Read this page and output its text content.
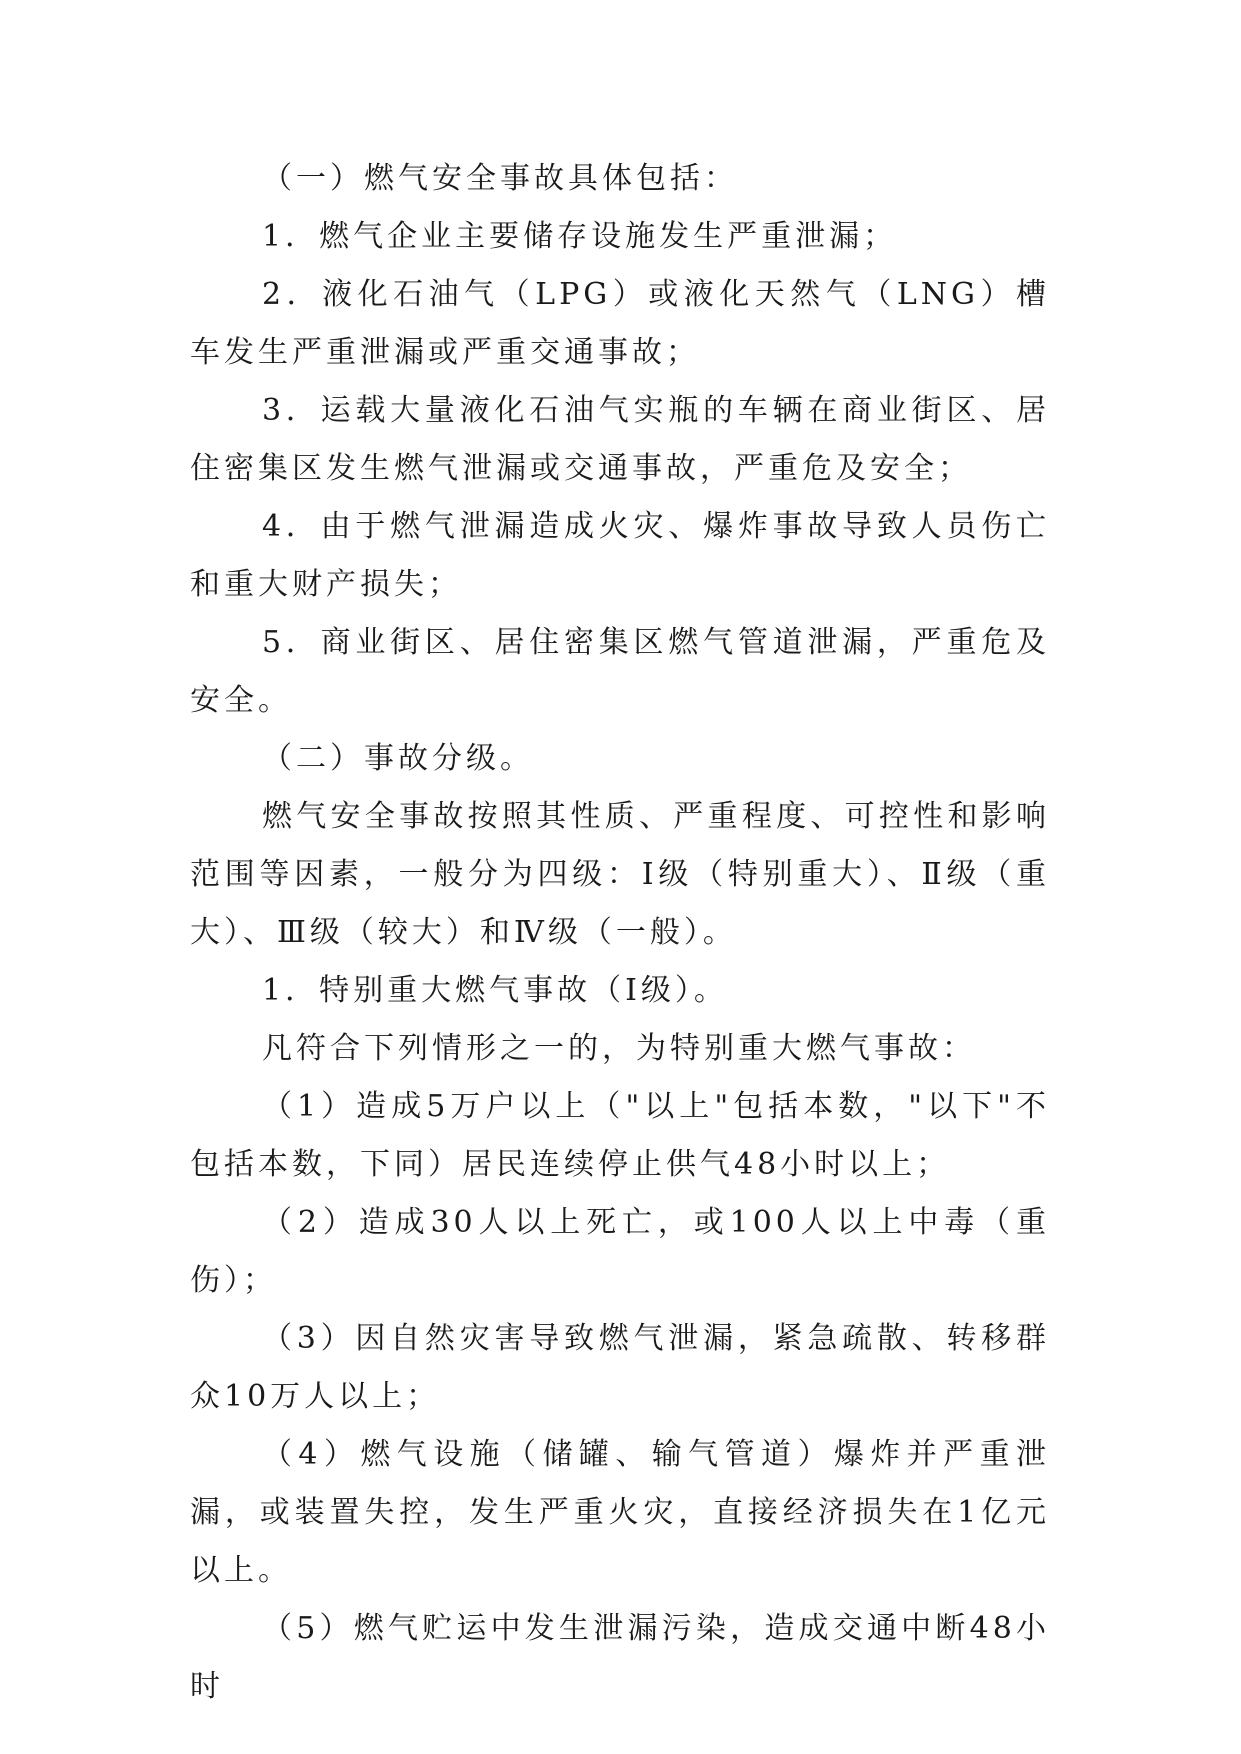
（一）燃气安全事故具体包括：

1．燃气企业主要储存设施发生严重泄漏；

2．液化石油气（LPG）或液化天然气（LNG）槽车发生严重泄漏或严重交通事故；

3．运载大量液化石油气实瓶的车辆在商业街区、居住密集区发生燃气泄漏或交通事故，严重危及安全；

4．由于燃气泄漏造成火灾、爆炸事故导致人员伤亡和重大财产损失；

5．商业街区、居住密集区燃气管道泄漏，严重危及安全。

（二）事故分级。

燃气安全事故按照其性质、严重程度、可控性和影响范围等因素，一般分为四级：Ⅰ级（特别重大）、Ⅱ级（重大）、Ⅲ级（较大）和Ⅳ级（一般）。

1．特别重大燃气事故（Ⅰ级）。

凡符合下列情形之一的，为特别重大燃气事故：

（1）造成5万户以上（"以上"包括本数，"以下"不包括本数，下同）居民连续停止供气48小时以上；

（2）造成30人以上死亡，或100人以上中毒（重伤）；

（3）因自然灾害导致燃气泄漏，紧急疏散、转移群众10万人以上；

（4）燃气设施（储罐、输气管道）爆炸并严重泄漏，或装置失控，发生严重火灾，直接经济损失在1亿元以上。

（5）燃气贮运中发生泄漏污染，造成交通中断48小时
